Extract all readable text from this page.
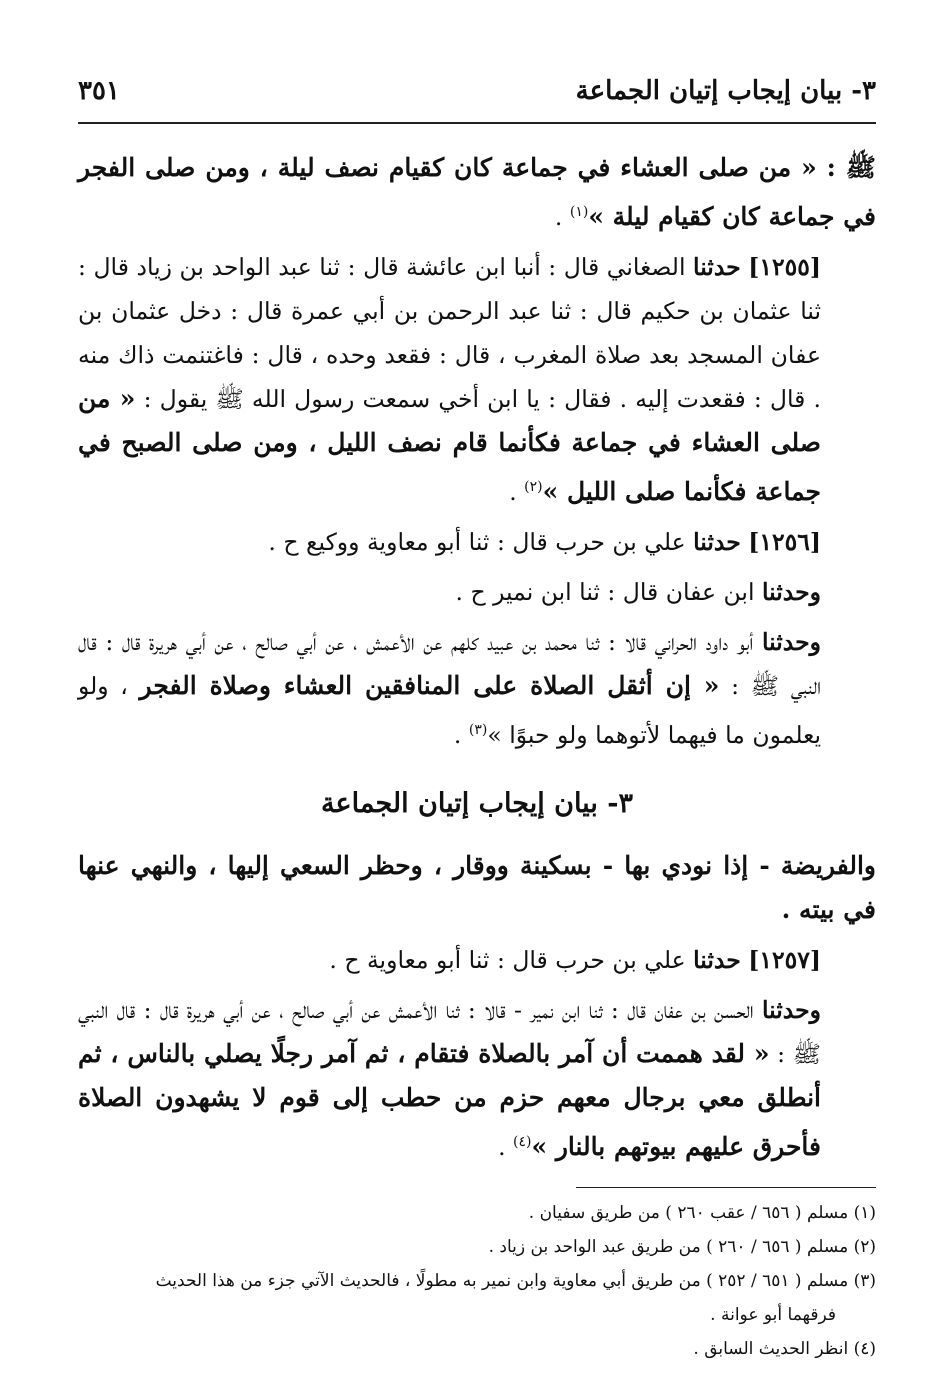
٣- بيان إيجاب إتيان الجماعة
٣٥١

ﷺ : « من صلى العشاء في جماعة كان كقيام نصف ليلة ، ومن صلى الفجر في جماعة كان كقيام ليلة »$^{(١)}$ .

[١٢٥٥] حدثنا الصغاني قال : أنبا ابن عائشة قال : ثنا عبد الواحد بن زياد قال : ثنا عثمان بن حكيم قال : ثنا عبد الرحمن بن أبي عمرة قال : دخل عثمان بن عفان المسجد بعد صلاة المغرب ، قال : فقعد وحده ، قال : فاغتنمت ذاك منه . قال : فقعدت إليه . فقال : يا ابن أخي سمعت رسول الله ﷺ يقول : « من صلى العشاء في جماعة فكأنما قام نصف الليل ، ومن صلى الصبح في جماعة فكأنما صلى الليل »$^{(٢)}$ .

[١٢٥٦] حدثنا علي بن حرب قال : ثنا أبو معاوية ووكيع ح .

وحدثنا ابن عفان قال : ثنا ابن نمير ح .

وحدثنا أبو داود الحراني قالا : ثنا محمد بن عبيد كلهم عن الأعمش ، عن أبي صالح ، عن أبي هريرة قال : قال النبي ﷺ : « إن أثقل الصلاة على المنافقين العشاء وصلاة الفجر ، ولو يعلمون ما فيهما لأتوهما ولو حبوًا »$^{(٣)}$ .

٣- بيان إيجاب إتيان الجماعة

والفريضة - إذا نودي بها - بسكينة ووقار ، وحظر السعي إليها ، والنهي عنها في بيته .

[١٢٥٧] حدثنا علي بن حرب قال : ثنا أبو معاوية ح .

وحدثنا الحسن بن عفان قال : ثنا ابن نمير - قالا : ثنا الأعمش عن أبي صالح ، عن أبي هريرة قال : قال النبي ﷺ : « لقد هممت أن آمر بالصلاة فتقام ، ثم آمر رجلًا يصلي بالناس ، ثم أنطلق معي برجال معهم حزم من حطب إلى قوم لا يشهدون الصلاة فأحرق عليهم بيوتهم بالنار »$^{(٤)}$ .

(١) مسلم ( ٦٥٦ / عقب ٢٦٠ ) من طريق سفيان .

(٢) مسلم ( ٦٥٦ / ٢٦٠ ) من طريق عبد الواحد بن زياد .

(٣) مسلم ( ٦٥١ / ٢٥٢ ) من طريق أبي معاوية وابن نمير به مطولًا ، فالحديث الآتي جزء من هذا الحديث

فرقهما أبو عوانة .

(٤) انظر الحديث السابق .
